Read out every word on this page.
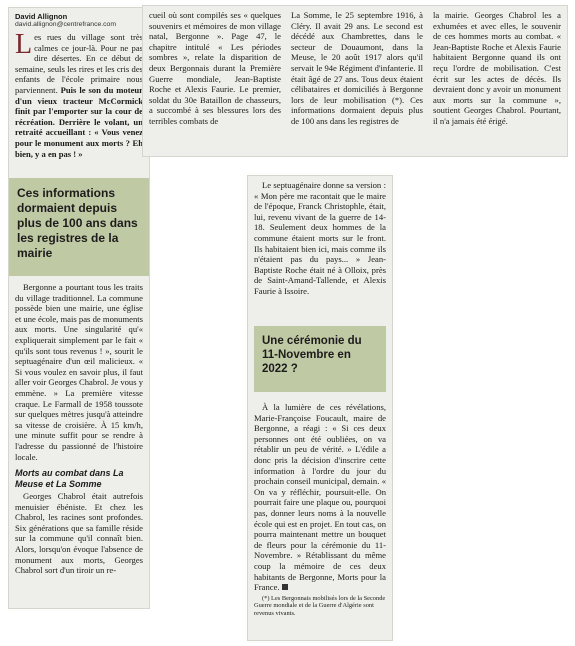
David Allignon

david.allignon@centrefrance.com

L es rues du village sont très calmes ce jour-là. Pour ne pas dire désertes. En ce début de semaine, seuls les rires et les cris des enfants de l'école primaire nous parviennent. Puis le son du moteur d'un vieux tracteur McCormick finit par l'emporter sur la cour de récréation. Derrière le volant, un retraité accueillant : « Vous venez pour le monument aux morts ? Eh bien, y a en pas ! »
Ces informations dormaient depuis plus de 100 ans dans les registres de la mairie

Bergonne a pourtant tous les traits du village traditionnel. La commune possède bien une mairie, une église et une école, mais pas de monuments aux morts. Une singularité qu'« expliquerait simplement par le fait « qu'ils sont tous revenus ! », sourit le septuagénaire d'un œil malicieux. « Si vous voulez en savoir plus, il faut aller voir Georges Chabrol. Je vous y emmène. » La première vitesse craque. Le Farmall de 1958 toussote sur quelques mètres jusqu'à atteindre sa vitesse de croisière. À 15 km/h, une minute suffit pour se rendre à l'adresse du passionné de l'histoire locale.

Morts au combat dans La Meuse et La Somme

Georges Chabrol était autrefois menuisier ébéniste. Et chez les Chabrol, les racines sont profondes. Six générations que sa famille réside sur la commune qu'il connaît bien. Alors, lorsqu'on évoque l'absence de monument aux morts, Georges Chabrol sort d'un tiroir un re-

cueil où sont compilés ses « quelques souvenirs et mémoires de mon village natal, Bergonne ». Page 47, le chapitre intitulé « Les périodes sombres », relate la disparition de deux Bergonnais durant la Première Guerre mondiale, Jean-Baptiste Roche et Alexis Faurie. Le premier, soldat du 30e Bataillon de chasseurs, a succombé à ses blessures lors des terribles combats de

La Somme, le 25 septembre 1916, à Cléry. Il avait 29 ans. Le second est décédé aux Chambrettes, dans le secteur de Douaumont, dans la Meuse, le 20 août 1917 alors qu'il servait le 94e Régiment d'infanterie. Il était âgé de 27 ans. Tous deux étaient célibataires et domiciliés à Bergonne lors de leur mobilisation (*). Ces informations dormaient depuis plus de 100 ans dans les registres de

la mairie. Georges Chabrol les a exhumées et avec elles, le souvenir de ces hommes morts au combat. « Jean-Baptiste Roche et Alexis Faurie habitaient Bergonne quand ils ont reçu l'ordre de mobilisation. C'est écrit sur les actes de décès. Ils devraient donc y avoir un monument aux morts sur la commune », soutient Georges Chabrol. Pourtant, il n'a jamais été érigé.

Le septuagénaire donne sa version : « Mon père me racontait que le maire de l'époque, Franck Christophle, était, lui, revenu vivant de la guerre de 14-18. Seulement deux hommes de la commune étaient morts sur le front. Ils habitaient bien ici, mais comme ils n'étaient pas du pays... » Jean-Baptiste Roche était né à Olloix, près de Saint-Amand-Tallende, et Alexis Faurie à Issoire.

Une cérémonie du 11-Novembre en 2022 ?

À la lumière de ces révélations, Marie-Françoise Foucault, maire de Bergonne, a réagi : « Si ces deux personnes ont été oubliées, on va rétablir un peu de vérité. » L'édile a donc pris la décision d'inscrire cette information à l'ordre du jour du prochain conseil municipal, demain. « On va y réfléchir, poursuit-elle. On pourrait faire une plaque ou, pourquoi pas, donner leurs noms à la nouvelle école qui est en projet. En tout cas, on pourra maintenant mettre un bouquet de fleurs pour la cérémonie du 11-Novembre. » Rétablissant du même coup la mémoire de ces deux habitants de Bergonne, Morts pour la France.

(*) Les Bergonnais mobilisés lors de la Seconde Guerre mondiale et de la Guerre d'Algérie sont revenus vivants.
